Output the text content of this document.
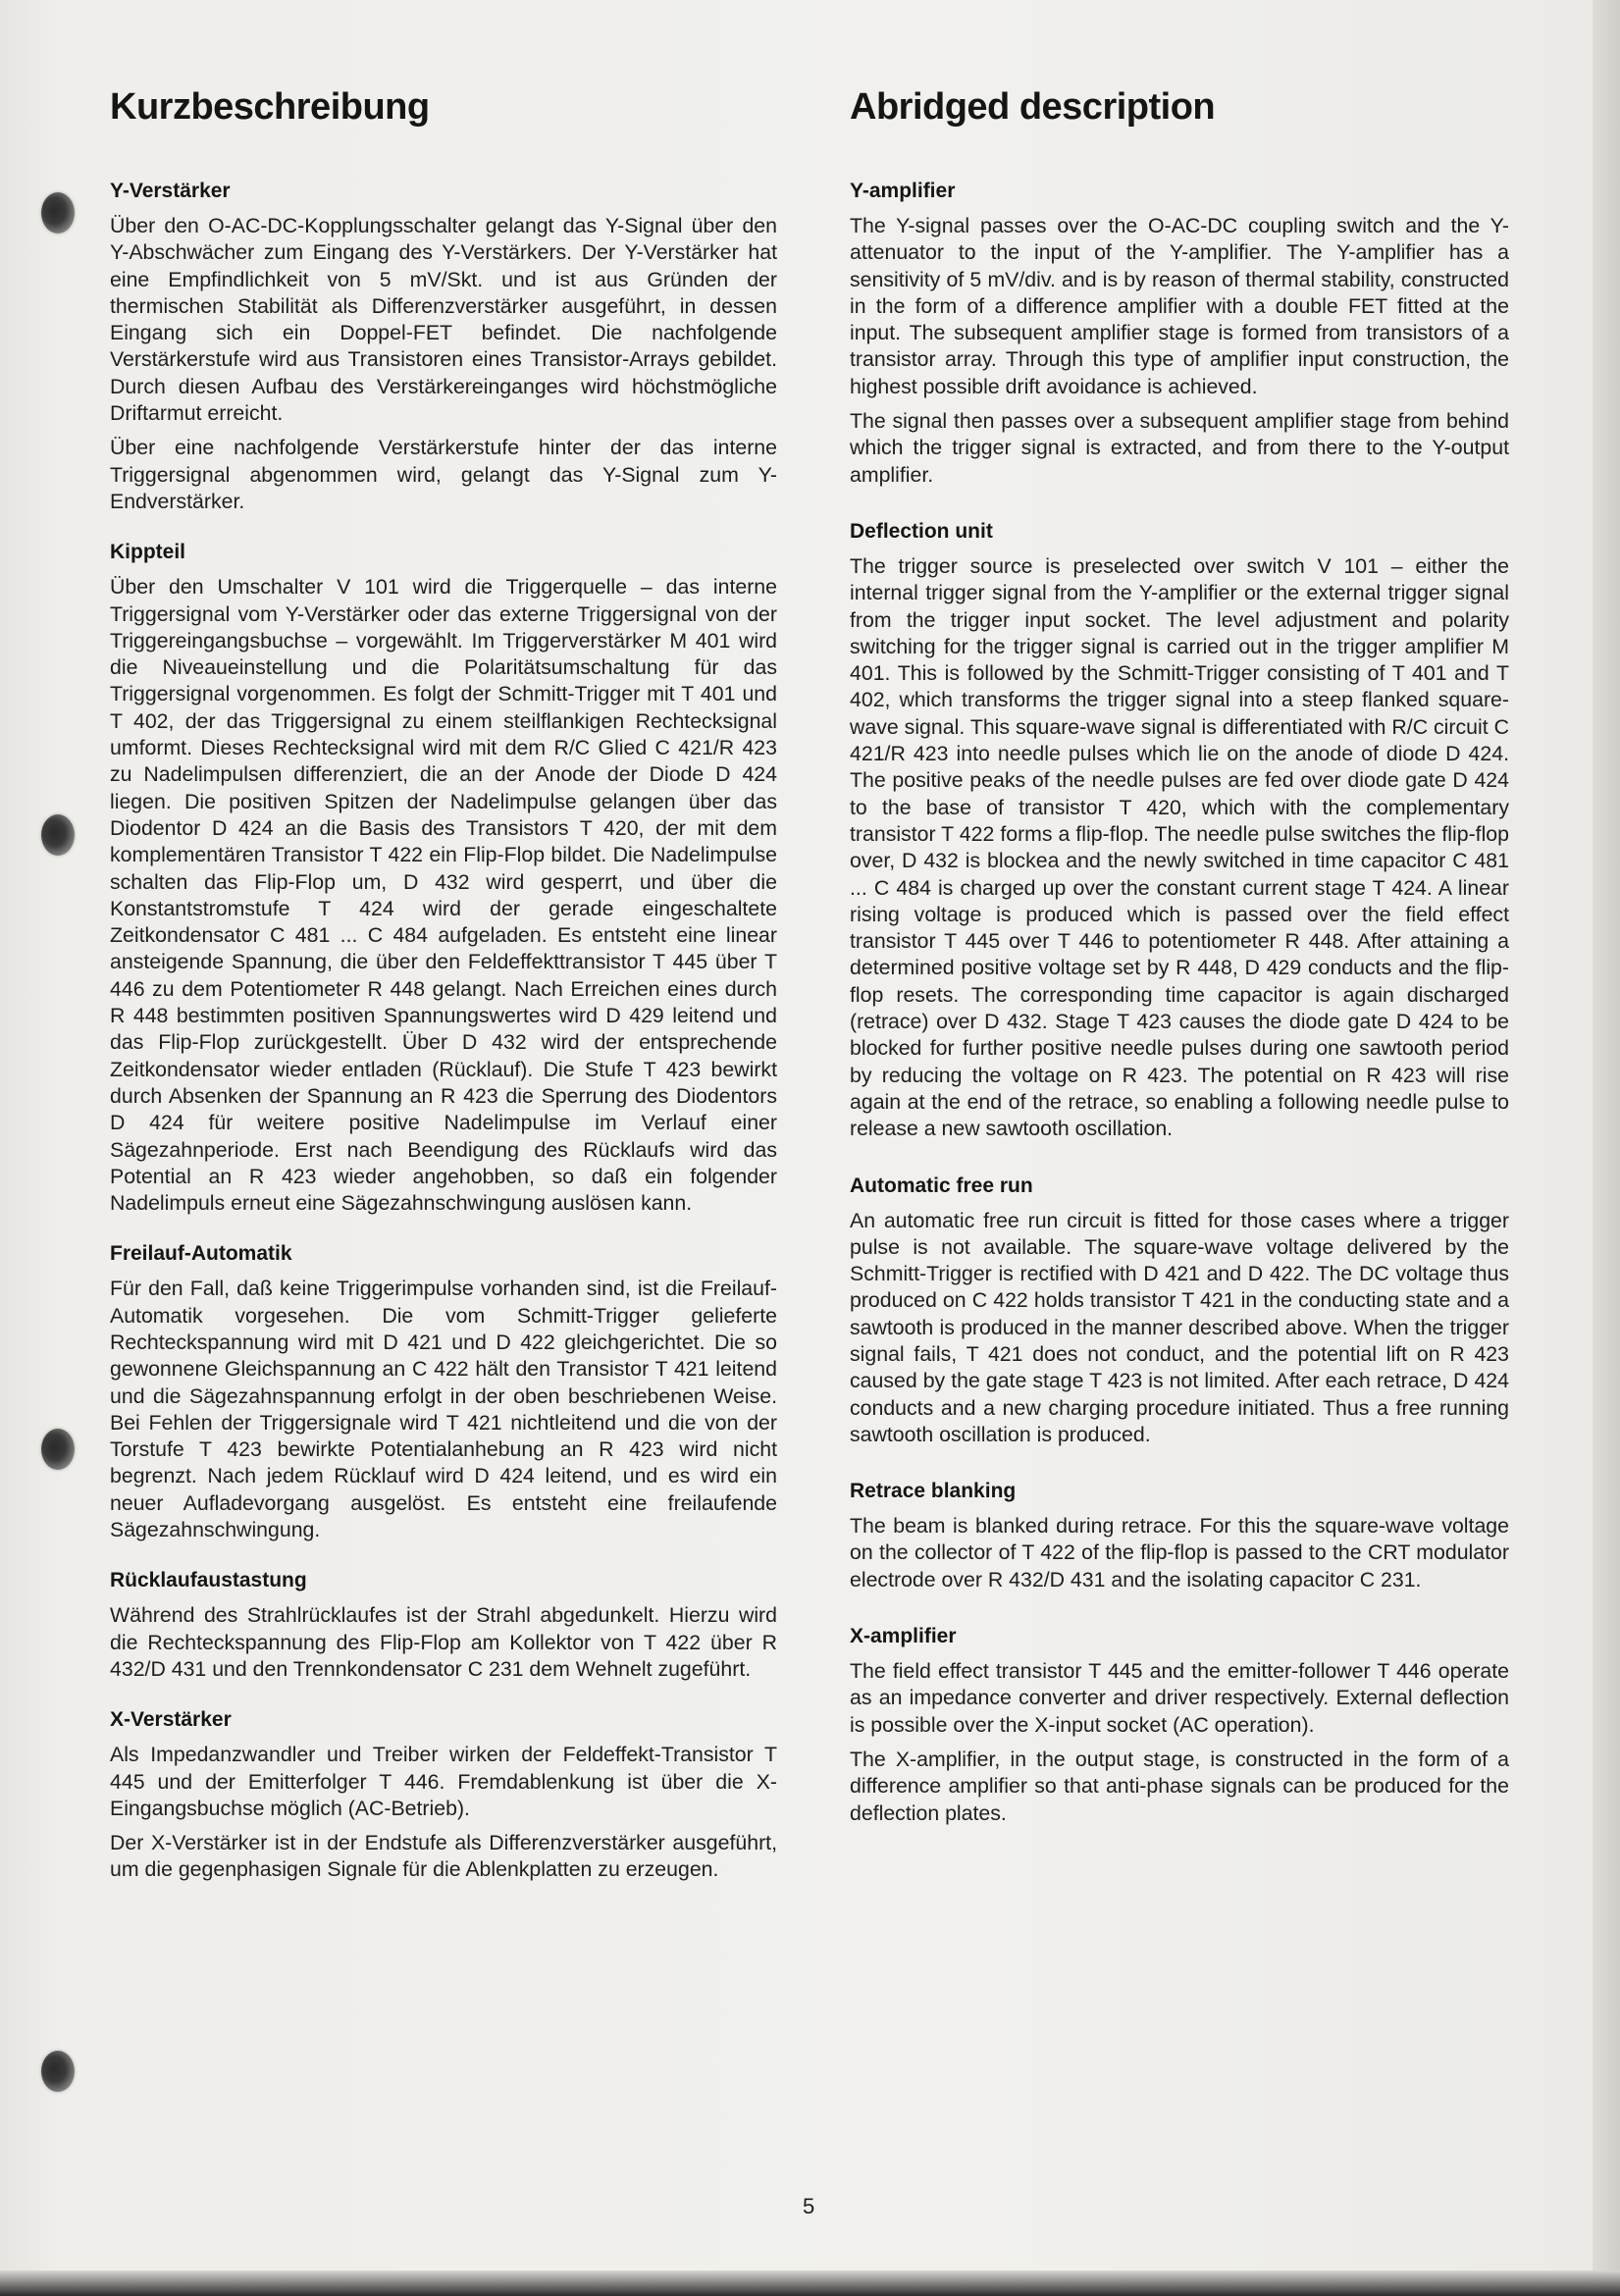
Kurzbeschreibung
Y-Verstärker

Über den O-AC-DC-Kopplungsschalter gelangt das Y-Signal über den Y-Abschwächer zum Eingang des Y-Verstärkers. Der Y-Verstärker hat eine Empfindlichkeit von 5 mV/Skt. und ist aus Gründen der thermischen Stabilität als Differenzverstärker ausgeführt, in dessen Eingang sich ein Doppel-FET befindet. Die nachfolgende Verstärkerstufe wird aus Transistoren eines Transistor-Arrays gebildet. Durch diesen Aufbau des Verstärkereinganges wird höchstmögliche Driftarmut erreicht.

Über eine nachfolgende Verstärkerstufe hinter der das interne Triggersignal abgenommen wird, gelangt das Y-Signal zum Y-Endverstärker.

Kippteil

Über den Umschalter V 101 wird die Triggerquelle – das interne Triggersignal vom Y-Verstärker oder das externe Triggersignal von der Triggereingangsbuchse – vorgewählt. Im Triggerverstärker M 401 wird die Niveaueinstellung und die Polaritätsumschaltung für das Triggersignal vorgenommen. Es folgt der Schmitt-Trigger mit T 401 und T 402, der das Triggersignal zu einem steilflankigen Rechtecksignal umformt. Dieses Rechtecksignal wird mit dem R/C Glied C 421/R 423 zu Nadelimpulsen differenziert, die an der Anode der Diode D 424 liegen. Die positiven Spitzen der Nadelimpulse gelangen über das Diodentor D 424 an die Basis des Transistors T 420, der mit dem komplementären Transistor T 422 ein Flip-Flop bildet. Die Nadelimpulse schalten das Flip-Flop um, D 432 wird gesperrt, und über die Konstantstromstufe T 424 wird der gerade eingeschaltete Zeitkondensator C 481 ... C 484 aufgeladen. Es entsteht eine linear ansteigende Spannung, die über den Feldeffekttransistor T 445 über T 446 zu dem Potentiometer R 448 gelangt. Nach Erreichen eines durch R 448 bestimmten positiven Spannungswertes wird D 429 leitend und das Flip-Flop zurückgestellt. Über D 432 wird der entsprechende Zeitkondensator wieder entladen (Rücklauf). Die Stufe T 423 bewirkt durch Absenken der Spannung an R 423 die Sperrung des Diodentors D 424 für weitere positive Nadelimpulse im Verlauf einer Sägezahnperiode. Erst nach Beendigung des Rücklaufs wird das Potential an R 423 wieder angehobben, so daß ein folgender Nadelimpuls erneut eine Sägezahnschwingung auslösen kann.

Freilauf-Automatik

Für den Fall, daß keine Triggerimpulse vorhanden sind, ist die Freilauf-Automatik vorgesehen. Die vom Schmitt-Trigger gelieferte Rechteckspannung wird mit D 421 und D 422 gleichgerichtet. Die so gewonnene Gleichspannung an C 422 hält den Transistor T 421 leitend und die Sägezahnspannung erfolgt in der oben beschriebenen Weise. Bei Fehlen der Triggersignale wird T 421 nichtleitend und die von der Torstufe T 423 bewirkte Potentialanhebung an R 423 wird nicht begrenzt. Nach jedem Rücklauf wird D 424 leitend, und es wird ein neuer Aufladevorgang ausgelöst. Es entsteht eine freilaufende Sägezahnschwingung.

Rücklaufaustastung

Während des Strahlrücklaufes ist der Strahl abgedunkelt. Hierzu wird die Rechteckspannung des Flip-Flop am Kollektor von T 422 über R 432/D 431 und den Trennkondensator C 231 dem Wehnelt zugeführt.

X-Verstärker

Als Impedanzwandler und Treiber wirken der Feldeffekt-Transistor T 445 und der Emitterfolger T 446. Fremdablenkung ist über die X-Eingangsbuchse möglich (AC-Betrieb).

Der X-Verstärker ist in der Endstufe als Differenzverstärker ausgeführt, um die gegenphasigen Signale für die Ablenkplatten zu erzeugen.

Abridged description
Y-amplifier

The Y-signal passes over the O-AC-DC coupling switch and the Y-attenuator to the input of the Y-amplifier. The Y-amplifier has a sensitivity of 5 mV/div. and is by reason of thermal stability, constructed in the form of a difference amplifier with a double FET fitted at the input. The subsequent amplifier stage is formed from transistors of a transistor array. Through this type of amplifier input construction, the highest possible drift avoidance is achieved.

The signal then passes over a subsequent amplifier stage from behind which the trigger signal is extracted, and from there to the Y-output amplifier.

Deflection unit

The trigger source is preselected over switch V 101 – either the internal trigger signal from the Y-amplifier or the external trigger signal from the trigger input socket. The level adjustment and polarity switching for the trigger signal is carried out in the trigger amplifier M 401. This is followed by the Schmitt-Trigger consisting of T 401 and T 402, which transforms the trigger signal into a steep flanked square-wave signal. This square-wave signal is differentiated with R/C circuit C 421/R 423 into needle pulses which lie on the anode of diode D 424. The positive peaks of the needle pulses are fed over diode gate D 424 to the base of transistor T 420, which with the complementary transistor T 422 forms a flip-flop. The needle pulse switches the flip-flop over, D 432 is blockea and the newly switched in time capacitor C 481 ... C 484 is charged up over the constant current stage T 424. A linear rising voltage is produced which is passed over the field effect transistor T 445 over T 446 to potentiometer R 448. After attaining a determined positive voltage set by R 448, D 429 conducts and the flip-flop resets. The corresponding time capacitor is again discharged (retrace) over D 432. Stage T 423 causes the diode gate D 424 to be blocked for further positive needle pulses during one sawtooth period by reducing the voltage on R 423. The potential on R 423 will rise again at the end of the retrace, so enabling a following needle pulse to release a new sawtooth oscillation.

Automatic free run

An automatic free run circuit is fitted for those cases where a trigger pulse is not available. The square-wave voltage delivered by the Schmitt-Trigger is rectified with D 421 and D 422. The DC voltage thus produced on C 422 holds transistor T 421 in the conducting state and a sawtooth is produced in the manner described above. When the trigger signal fails, T 421 does not conduct, and the potential lift on R 423 caused by the gate stage T 423 is not limited. After each retrace, D 424 conducts and a new charging procedure initiated. Thus a free running sawtooth oscillation is produced.

Retrace blanking

The beam is blanked during retrace. For this the square-wave voltage on the collector of T 422 of the flip-flop is passed to the CRT modulator electrode over R 432/D 431 and the isolating capacitor C 231.

X-amplifier

The field effect transistor T 445 and the emitter-follower T 446 operate as an impedance converter and driver respectively. External deflection is possible over the X-input socket (AC operation).

The X-amplifier, in the output stage, is constructed in the form of a difference amplifier so that anti-phase signals can be produced for the deflection plates.

5
